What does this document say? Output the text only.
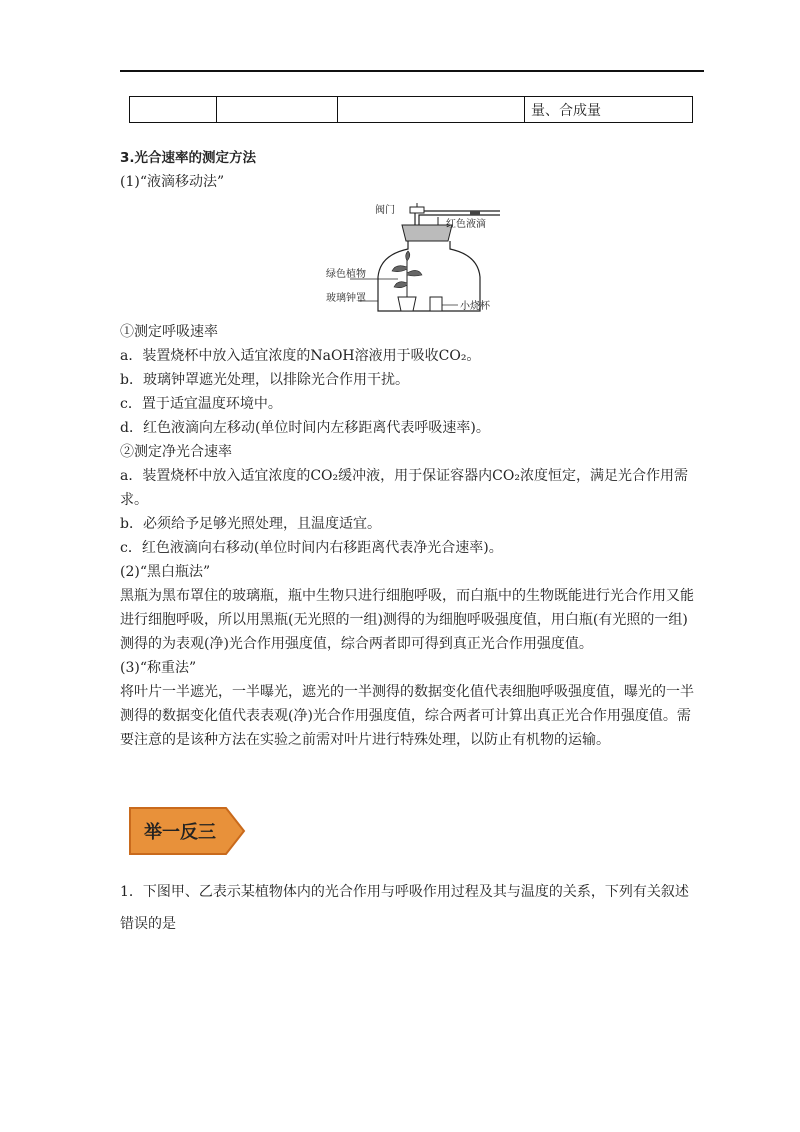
			量、合成量

3.光合速率的测定方法

(1)“液滴移动法”

阀门
红色液滴
绿色植物
玻璃钟罩
小烧杯

①测定呼吸速率

a．装置烧杯中放入适宜浓度的NaOH溶液用于吸收CO₂。

b．玻璃钟罩遮光处理，以排除光合作用干扰。

c．置于适宜温度环境中。

d．红色液滴向左移动(单位时间内左移距离代表呼吸速率)。

②测定净光合速率

a．装置烧杯中放入适宜浓度的CO₂缓冲液，用于保证容器内CO₂浓度恒定，满足光合作用需求。

b．必须给予足够光照处理，且温度适宜。

c．红色液滴向右移动(单位时间内右移距离代表净光合速率)。

(2)“黑白瓶法”

黑瓶为黑布罩住的玻璃瓶，瓶中生物只进行细胞呼吸，而白瓶中的生物既能进行光合作用又能进行细胞呼吸，所以用黑瓶(无光照的一组)测得的为细胞呼吸强度值，用白瓶(有光照的一组)测得的为表观(净)光合作用强度值，综合两者即可得到真正光合作用强度值。

(3)“称重法”

将叶片一半遮光，一半曝光，遮光的一半测得的数据变化值代表细胞呼吸强度值，曝光的一半测得的数据变化值代表表观(净)光合作用强度值，综合两者可计算出真正光合作用强度值。需要注意的是该种方法在实验之前需对叶片进行特殊处理，以防止有机物的运输。

举一反三
1．下图甲、乙表示某植物体内的光合作用与呼吸作用过程及其与温度的关系，下列有关叙述错误的是
